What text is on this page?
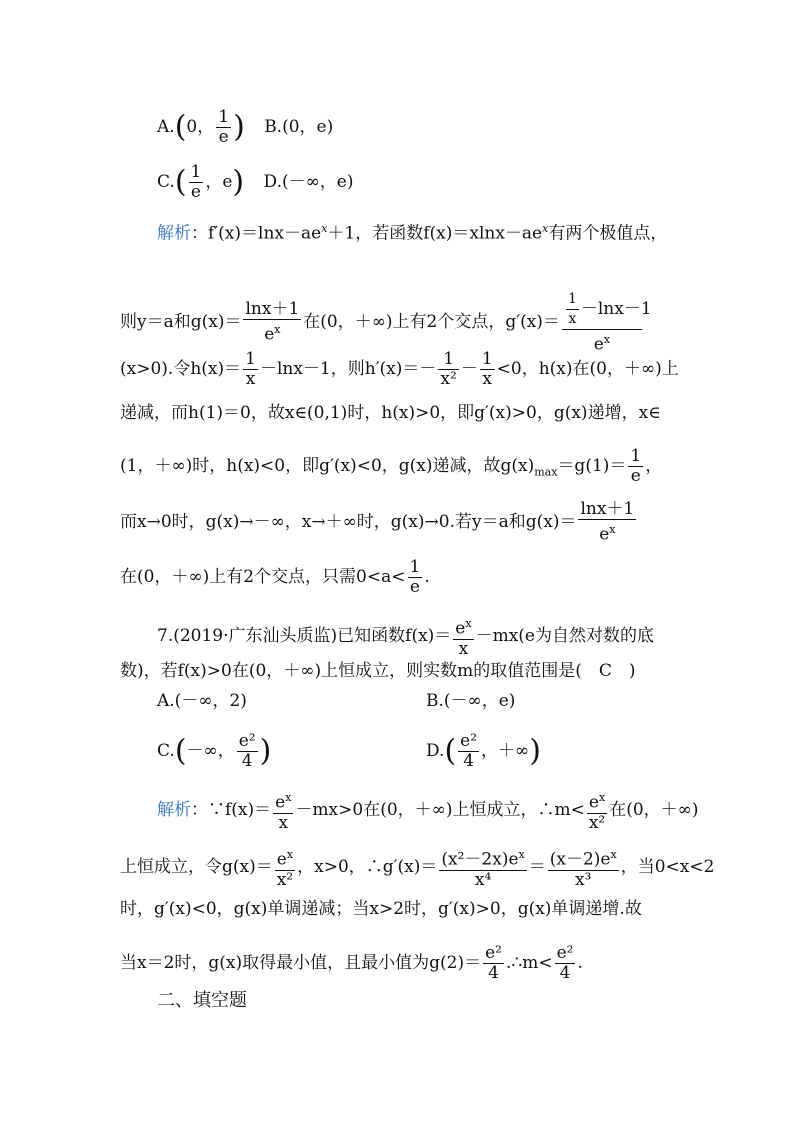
A.(0， $\frac{1}{e}$ ) B.(0，e)
$C.( \frac{1}{e}$ ，e) D.(－∞，e)
解析：$f'(x)=\ln x-ae^x+1$，若函数$f(x)=xlnx-ae^x$有两个极值点，
则y＝a和$g(x)= \frac{\ln x+1}{e^x}$ 在(0，＋∞)上有2个交点，$g'(x)= \frac{\frac{1}{x} -\ln x-1}{e^x}$
(x>0).令$h(x)= \frac{1}{x} -\ln x-1$，则$h'(x)=- \frac{1}{\text{x²}} - \frac{1}{x} <0$，h(x)在(0，＋∞)上
递减，而h(1)＝0，故x∈(0,1)时，h(x)>0，即g′(x)>0，g(x)递增，x∈
(1，＋∞)时，h(x)<0，即g′(x)<0，g(x)递减，故$g(x)_{max}=g(1)= \frac{1}{e}$ ，
而x→0时，g(x)→－∞，x→＋∞时，g(x)→0.若y＝a和$g(x)= \frac{\ln x+1}{e^x}$
在(0，＋∞)上有2个交点，只需$0<a< \frac{1}{e}$ .
7.(2019·广东汕头质监)已知函数$f(x)= \frac{e^x}{x} -mx(e$为自然对数的底
数)，若f(x)>0在(0，＋∞)上恒成立，则实数m的取值范围是(　C　)
A.(－∞，2)	B.(－∞，e)
C.(－∞， $\frac{\text{e²}}{4}$ )	$D.( \frac{\text{e²}}{4}$ ，＋∞)
解析：∵f(x)＝ $\frac{e^x}{x} -mx>0$在(0，＋∞)上恒成立，∴m< $\frac{e^x}{\text{x²}}$ 在(0，＋∞)
上恒成立，令$g(x)= \frac{e^x}{\text{x²}}$ ，x>0，∴g′(x)＝ $\frac{(x^2-2x)e^x}{\text{x⁴}} = \frac{(x-2)e^x}{\text{x³}}$ ，当0<x<2
时，g′(x)<0，g(x)单调递减；当x>2时，g′(x)>0，g(x)单调递增.故
当x＝2时，g(x)取得最小值，且最小值为$g(2)= \frac{\text{e²}}{4}$ .∴m< $\frac{\text{e²}}{4}$ .
二、填空题
